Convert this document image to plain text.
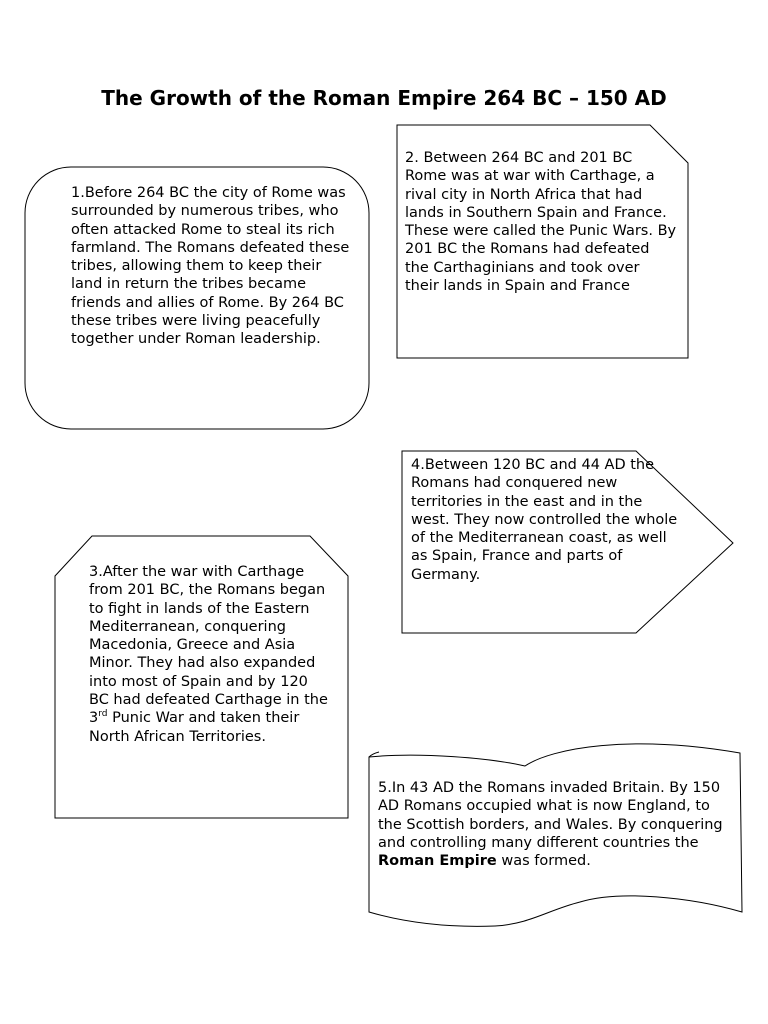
The Growth of the Roman Empire 264 BC – 150 AD

1.Before 264 BC the city of Rome was surrounded by numerous tribes, who often attacked Rome to steal its rich farmland. The Romans defeated these tribes, allowing them to keep their land in return the tribes became friends and allies of Rome. By 264 BC these tribes were living peacefully together under Roman leadership.

2. Between 264 BC and 201 BC Rome was at war with Carthage, a rival city in North Africa that had lands in Southern Spain and France. These were called the Punic Wars. By 201 BC the Romans had defeated the Carthaginians and took over their lands in Spain and France

3.After the war with Carthage from 201 BC, the Romans began to fight in lands of the Eastern Mediterranean, conquering Macedonia, Greece and Asia Minor. They had also expanded into most of Spain and by 120 BC had defeated Carthage in the 3rd Punic War and taken their North African Territories.

4.Between 120 BC and 44 AD the Romans had conquered new territories in the east and in the west. They now controlled the whole of the Mediterranean coast, as well as Spain, France and parts of Germany.

5.In 43 AD the Romans invaded Britain. By 150 AD Romans occupied what is now England, to the Scottish borders, and Wales. By conquering and controlling many different countries the Roman Empire was formed.
